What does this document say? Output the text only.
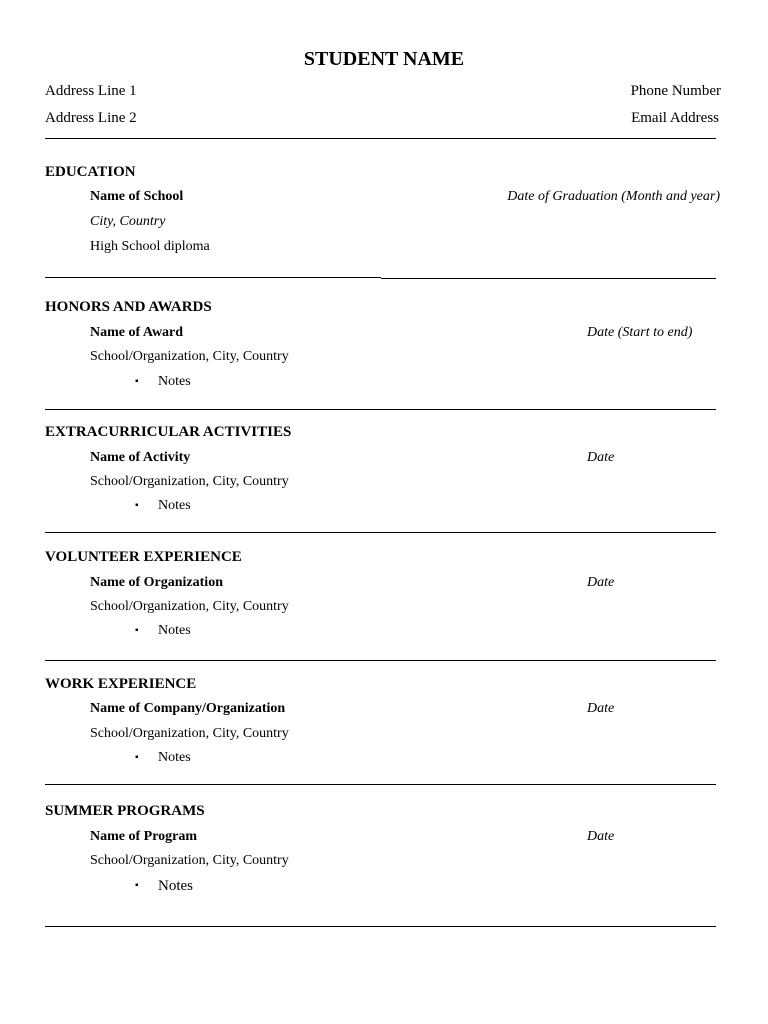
STUDENT NAME
Address Line 1
Address Line 2
Phone Number
Email Address
EDUCATION
Name of School	Date of Graduation (Month and year)
City, Country
High School diploma
HONORS AND AWARDS
Name of Award	Date (Start to end)
School/Organization, City, Country
▪ Notes
EXTRACURRICULAR ACTIVITIES
Name of Activity	Date
School/Organization, City, Country
▪ Notes
VOLUNTEER EXPERIENCE
Name of Organization	Date
School/Organization, City, Country
▪ Notes
WORK EXPERIENCE
Name of Company/Organization	Date
School/Organization, City, Country
▪ Notes
SUMMER PROGRAMS
Name of Program	Date
School/Organization, City, Country
▪ Notes
